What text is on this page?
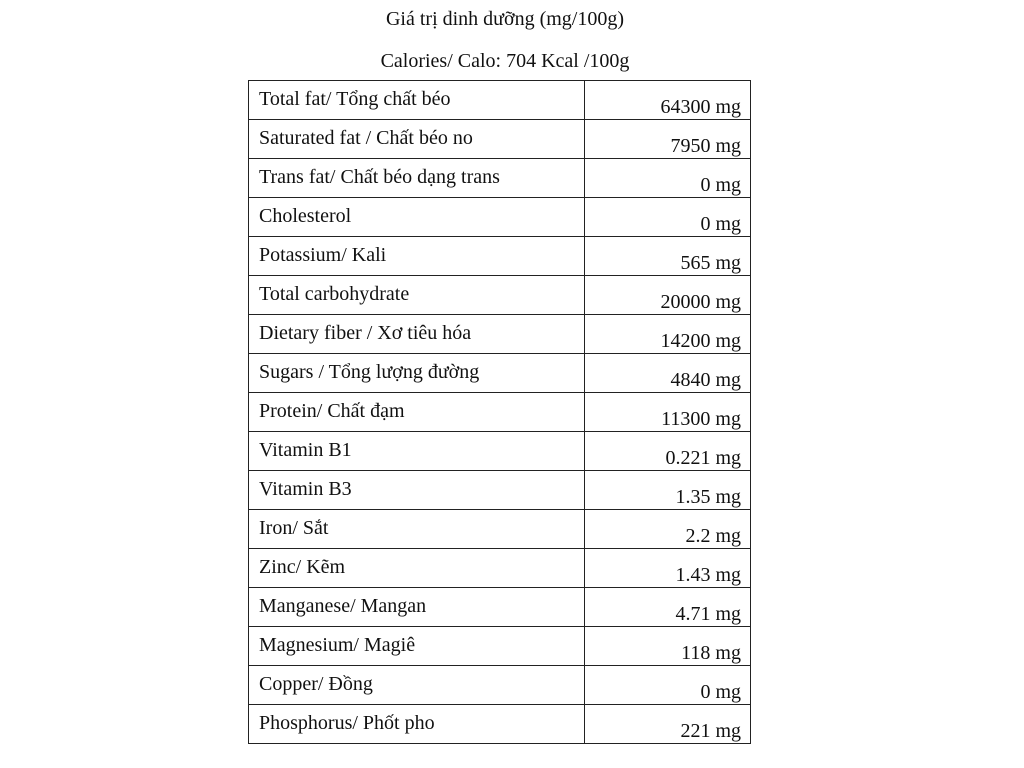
Giá trị dinh dưỡng (mg/100g)
Calories/ Calo: 704 Kcal /100g
Total fat/ Tổng chất béo	64300 mg
Saturated fat / Chất béo no	7950 mg
Trans fat/ Chất béo dạng trans	0 mg
Cholesterol	0 mg
Potassium/ Kali	565 mg
Total carbohydrate	20000 mg
Dietary fiber / Xơ tiêu hóa	14200 mg
Sugars / Tổng lượng đường	4840 mg
Protein/ Chất đạm	11300 mg
Vitamin B1	0.221 mg
Vitamin B3	1.35 mg
Iron/ Sắt	2.2 mg
Zinc/ Kẽm	1.43 mg
Manganese/ Mangan	4.71 mg
Magnesium/ Magiê	118 mg
Copper/ Đồng	0 mg
Phosphorus/ Phốt pho	221 mg
